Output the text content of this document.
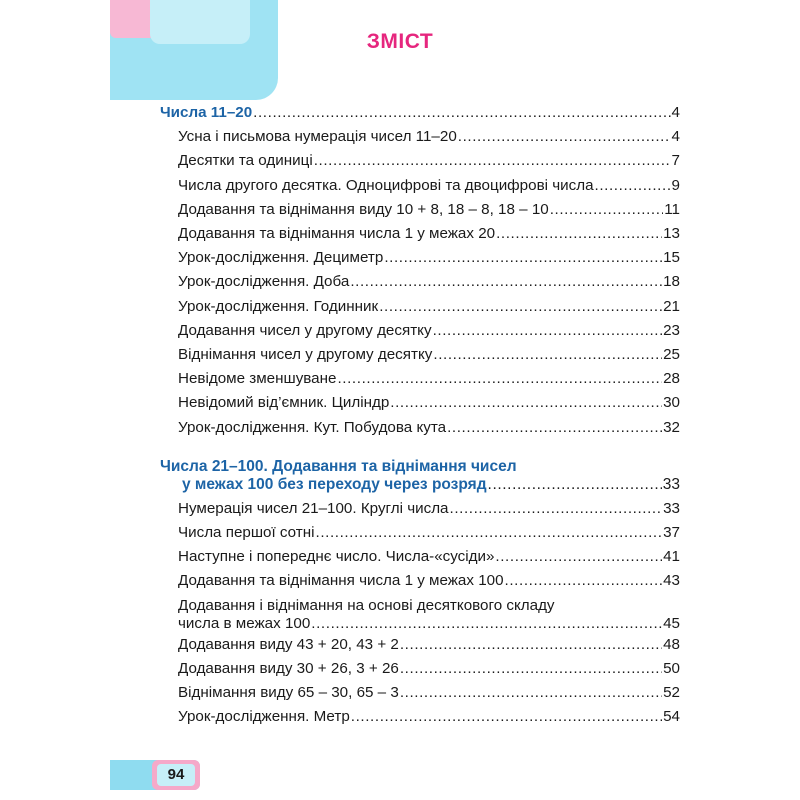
ЗМІСТ
Числа 11–20 .....	4
Усна і письмова нумерація чисел 11–20 .....	4
Десятки та одиниці .....	7
Числа другого десятка. Одноцифрові та двоцифрові числа .....	9
Додавання та віднімання виду 10 + 8, 18 – 8, 18 – 10 .....	11
Додавання та віднімання числа 1 у межах 20 .....	13
Урок-дослідження. Дециметр .....	15
Урок-дослідження. Доба .....	18
Урок-дослідження. Годинник .....	21
Додавання чисел у другому десятку .....	23
Віднімання чисел у другому десятку .....	25
Невідоме зменшуване .....	28
Невідомий від’ємник. Циліндр .....	30
Урок-дослідження. Кут. Побудова кута .....	32
Числа 21–100. Додавання та віднімання чисел
у межах 100 без переходу через розряд .....	33
Нумерація чисел 21–100. Круглі числа .....	33
Числа першої сотні .....	37
Наступне і попереднє число. Числа-«сусіди» .....	41
Додавання та віднімання числа 1 у межах 100 .....	43
Додавання і віднімання на основі десяткового складу
числа в межах 100 .....	45
Додавання виду 43 + 20, 43 + 2 .....	48
Додавання виду 30 + 26, 3 + 26 .....	50
Віднімання виду 65 – 30, 65 – 3 .....	52
Урок-дослідження. Метр .....	54
94
